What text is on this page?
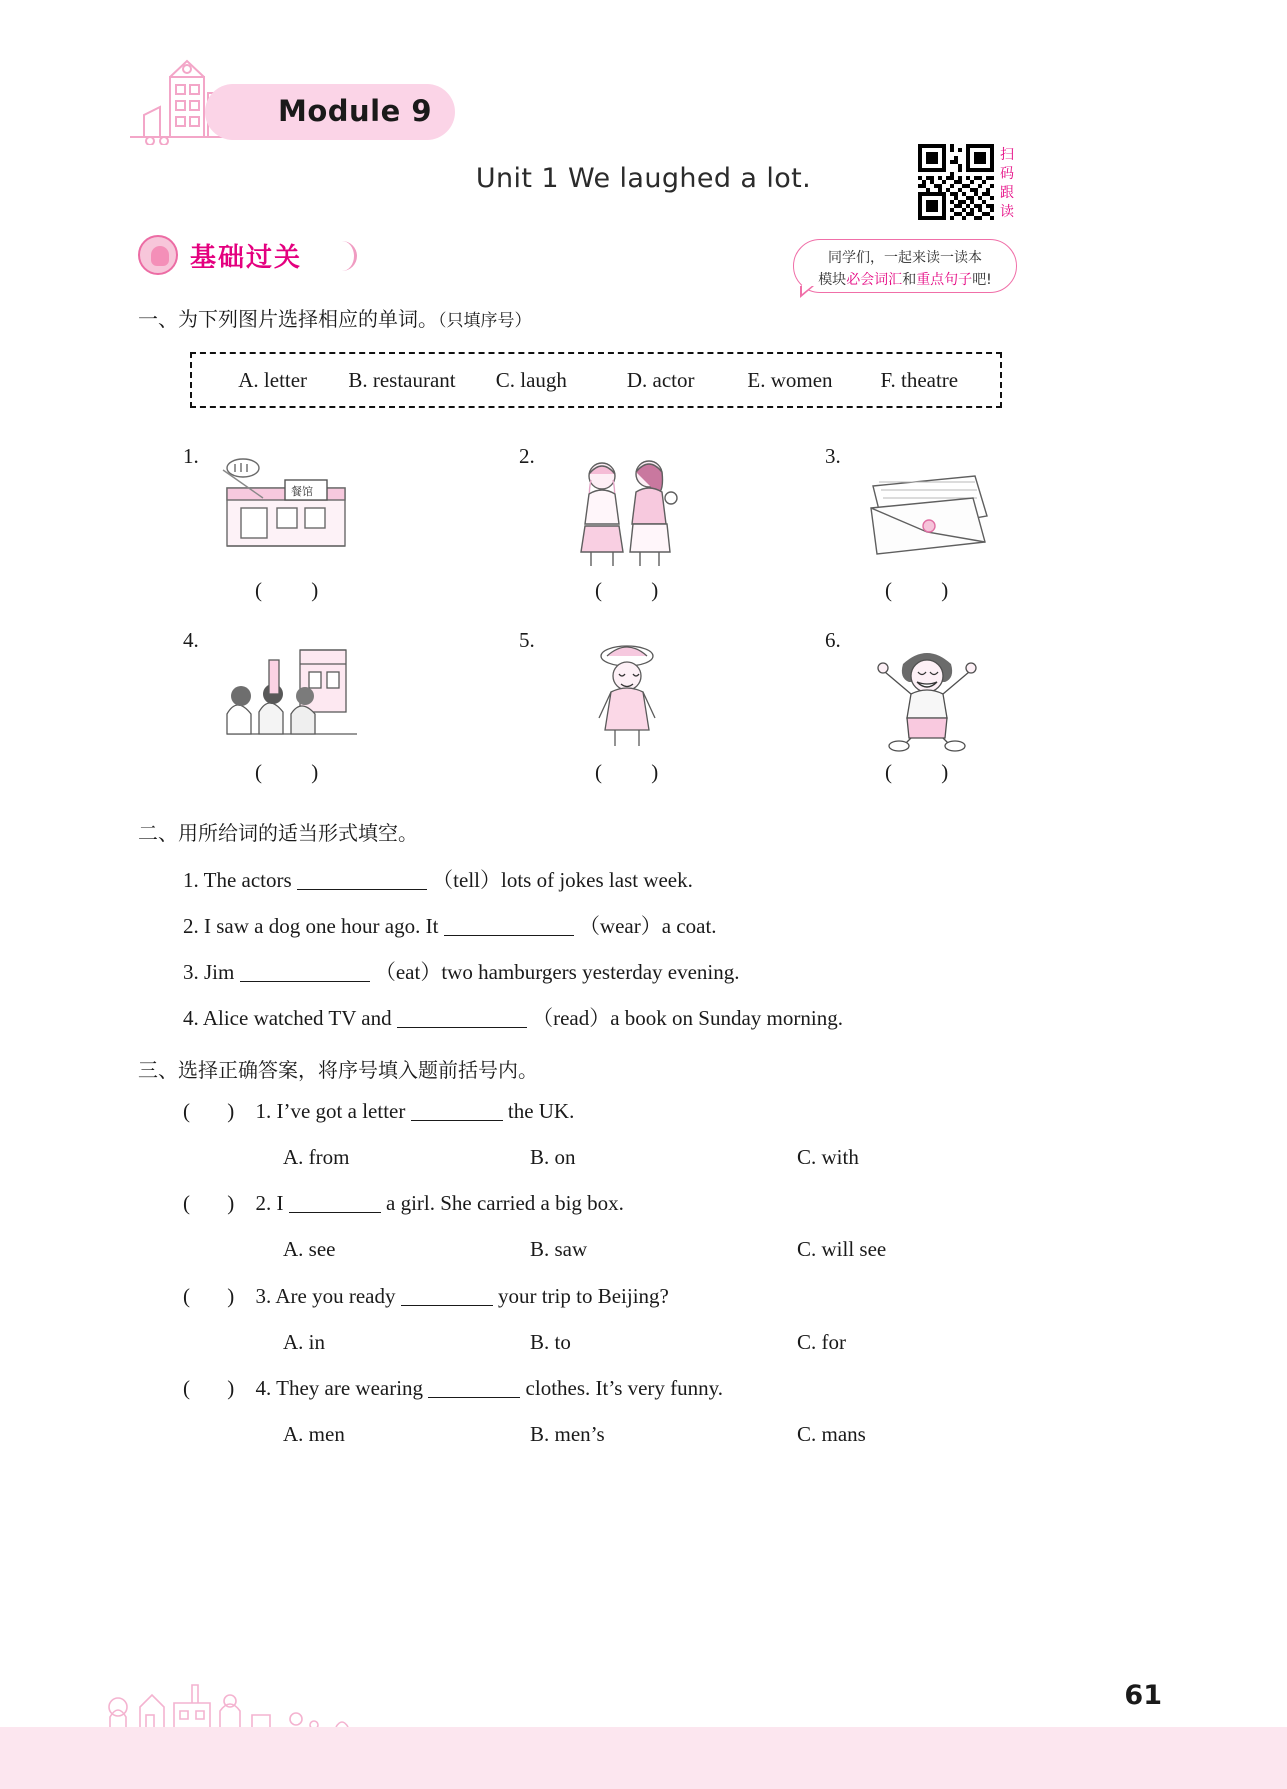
Module 9
Unit 1 We laughed a lot.
扫码跟读
基础过关	同学们，一起来读一读本
模块必会词汇和重点句子吧!
一、为下列图片选择相应的单词。（只填序号）
A. letter	B. restaurant	C. laugh	D. actor	E. women	F. theatre
1.
餐馆
( )
2.
( )
3.
( )
4.
( )
5.
( )
6.
( )
二、用所给词的适当形式填空。
1. The actors	（tell）lots of jokes last week.
2. I saw a dog one hour ago. It	（wear）a coat.
3. Jim	（eat）two hamburgers yesterday evening.
4. Alice watched TV and	（read）a book on Sunday morning.
三、选择正确答案，将序号填入题前括号内。
( ) 1. I’ve got a letter	the UK.
A. from	B. on	C. with
( ) 2. I	a girl. She carried a big box.
A. see	B. saw	C. will see
( ) 3. Are you ready	your trip to Beijing?
A. in	B. to	C. for
( ) 4. They are wearing	clothes. It’s very funny.
A. men	B. men’s	C. mans
61
